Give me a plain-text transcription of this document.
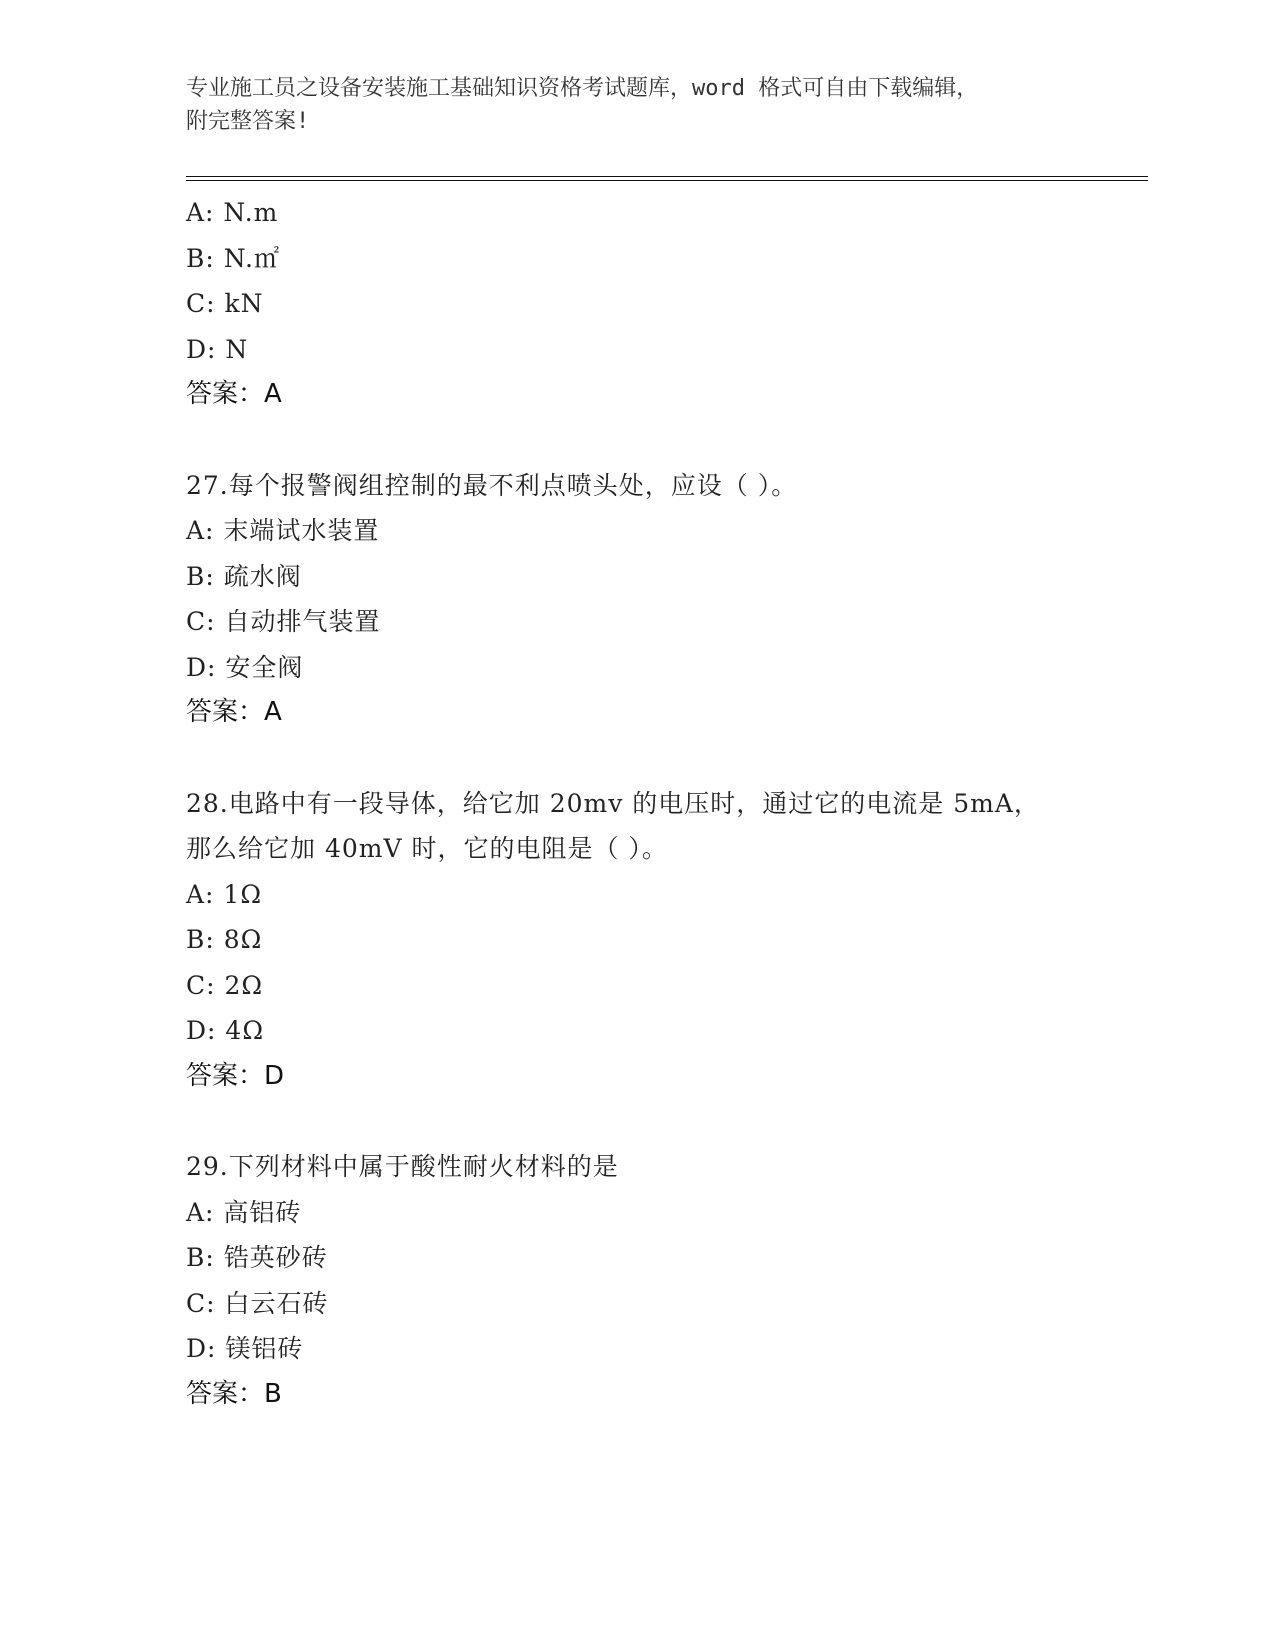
专业施工员之设备安装施工基础知识资格考试题库，word 格式可自由下载编辑，
附完整答案!
A: N.m
B: N.㎡
C: kN
D: N
答案：A
27.每个报警阀组控制的最不利点喷头处，应设（ ）。
A: 末端试水装置
B: 疏水阀
C: 自动排气装置
D: 安全阀
答案：A
28.电路中有一段导体，给它加 20mv 的电压时，通过它的电流是 5mA，
那么给它加 40mV 时，它的电阻是（ ）。
A: 1Ω
B: 8Ω
C: 2Ω
D: 4Ω
答案：D
29.下列材料中属于酸性耐火材料的是
A: 高铝砖
B: 锆英砂砖
C: 白云石砖
D: 镁铝砖
答案：B
